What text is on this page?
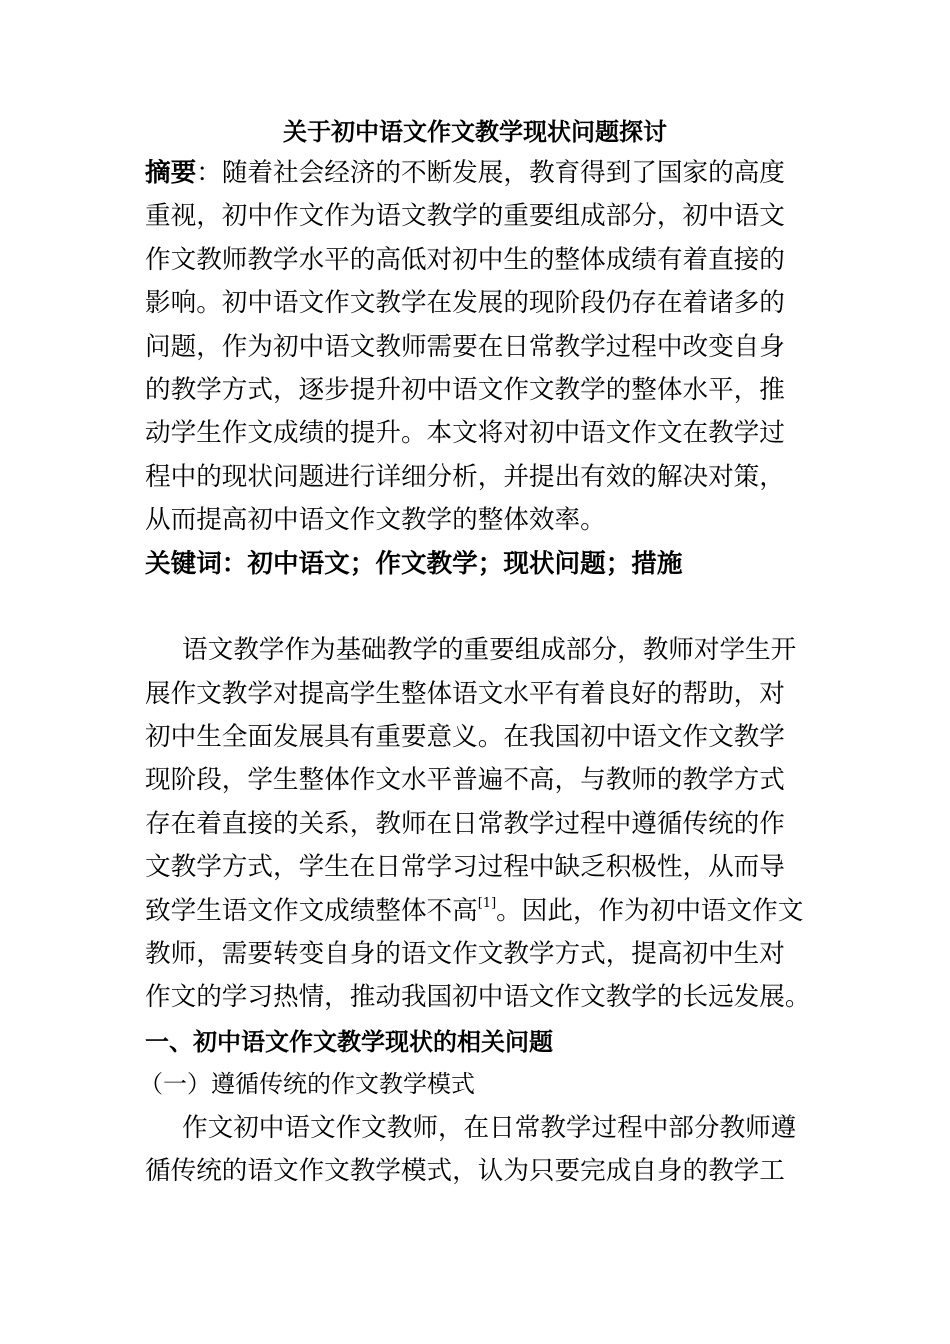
关于初中语文作文教学现状问题探讨
摘要：随着社会经济的不断发展，教育得到了国家的高度
重视，初中作文作为语文教学的重要组成部分，初中语文
作文教师教学水平的高低对初中生的整体成绩有着直接的
影响。初中语文作文教学在发展的现阶段仍存在着诸多的
问题，作为初中语文教师需要在日常教学过程中改变自身
的教学方式，逐步提升初中语文作文教学的整体水平，推
动学生作文成绩的提升。本文将对初中语文作文在教学过
程中的现状问题进行详细分析，并提出有效的解决对策，
从而提高初中语文作文教学的整体效率。
关键词：初中语文；作文教学；现状问题；措施
语文教学作为基础教学的重要组成部分，教师对学生开
展作文教学对提高学生整体语文水平有着良好的帮助，对
初中生全面发展具有重要意义。在我国初中语文作文教学
现阶段，学生整体作文水平普遍不高，与教师的教学方式
存在着直接的关系，教师在日常教学过程中遵循传统的作
文教学方式，学生在日常学习过程中缺乏积极性，从而导
致学生语文作文成绩整体不高[1]。因此，作为初中语文作文
教师，需要转变自身的语文作文教学方式，提高初中生对
作文的学习热情，推动我国初中语文作文教学的长远发展。
一、初中语文作文教学现状的相关问题
（一）遵循传统的作文教学模式
作文初中语文作文教师，在日常教学过程中部分教师遵
循传统的语文作文教学模式，认为只要完成自身的教学工
